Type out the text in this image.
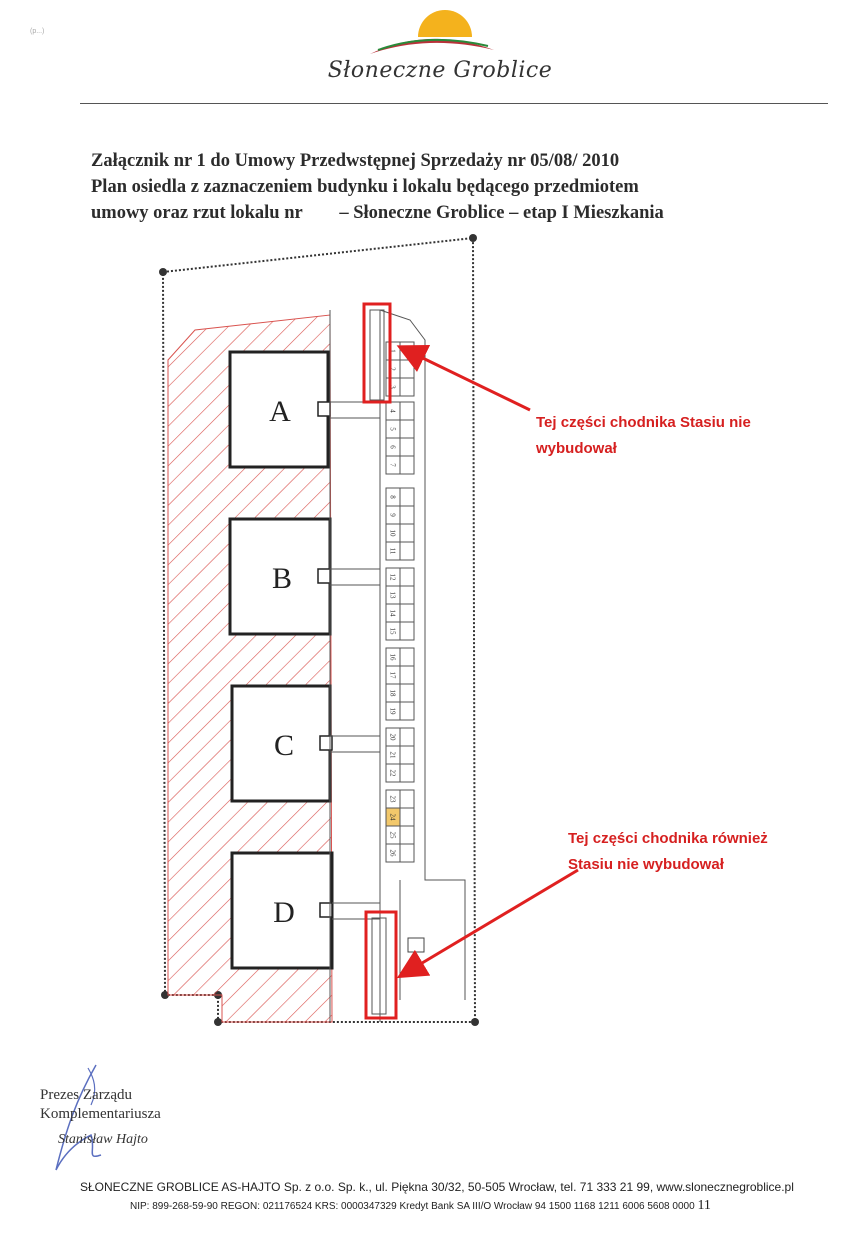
(p...)
Słoneczne Groblice
Załącznik nr 1 do Umowy Przedwstępnej Sprzedaży nr 05/08/ 2010
Plan osiedla z zaznaczeniem budynku i lokalu będącego przedmiotem
umowy oraz rzut lokalu nr        – Słoneczne Groblice – etap I Mieszkania
A
B
C
D
1
2
3
4
5
6
7
8
9
10
11
12
13
14
15
16
17
18
19
20
21
22
23
24
25
26
Tej części chodnika Stasiu nie
wybudował
Tej części chodnika również
Stasiu nie wybudował
Prezes Zarządu
Komplementariusza
Stanisław Hajto
SŁONECZNE GROBLICE AS-HAJTO Sp. z o.o. Sp. k., ul. Piękna 30/32, 50-505 Wrocław, tel. 71 333 21 99, www.slonecznegroblice.pl
NIP: 899-268-59-90 REGON: 021176524 KRS: 0000347329 Kredyt Bank SA III/O Wrocław 94 1500 1168 1211 6006 5608 0000 11
